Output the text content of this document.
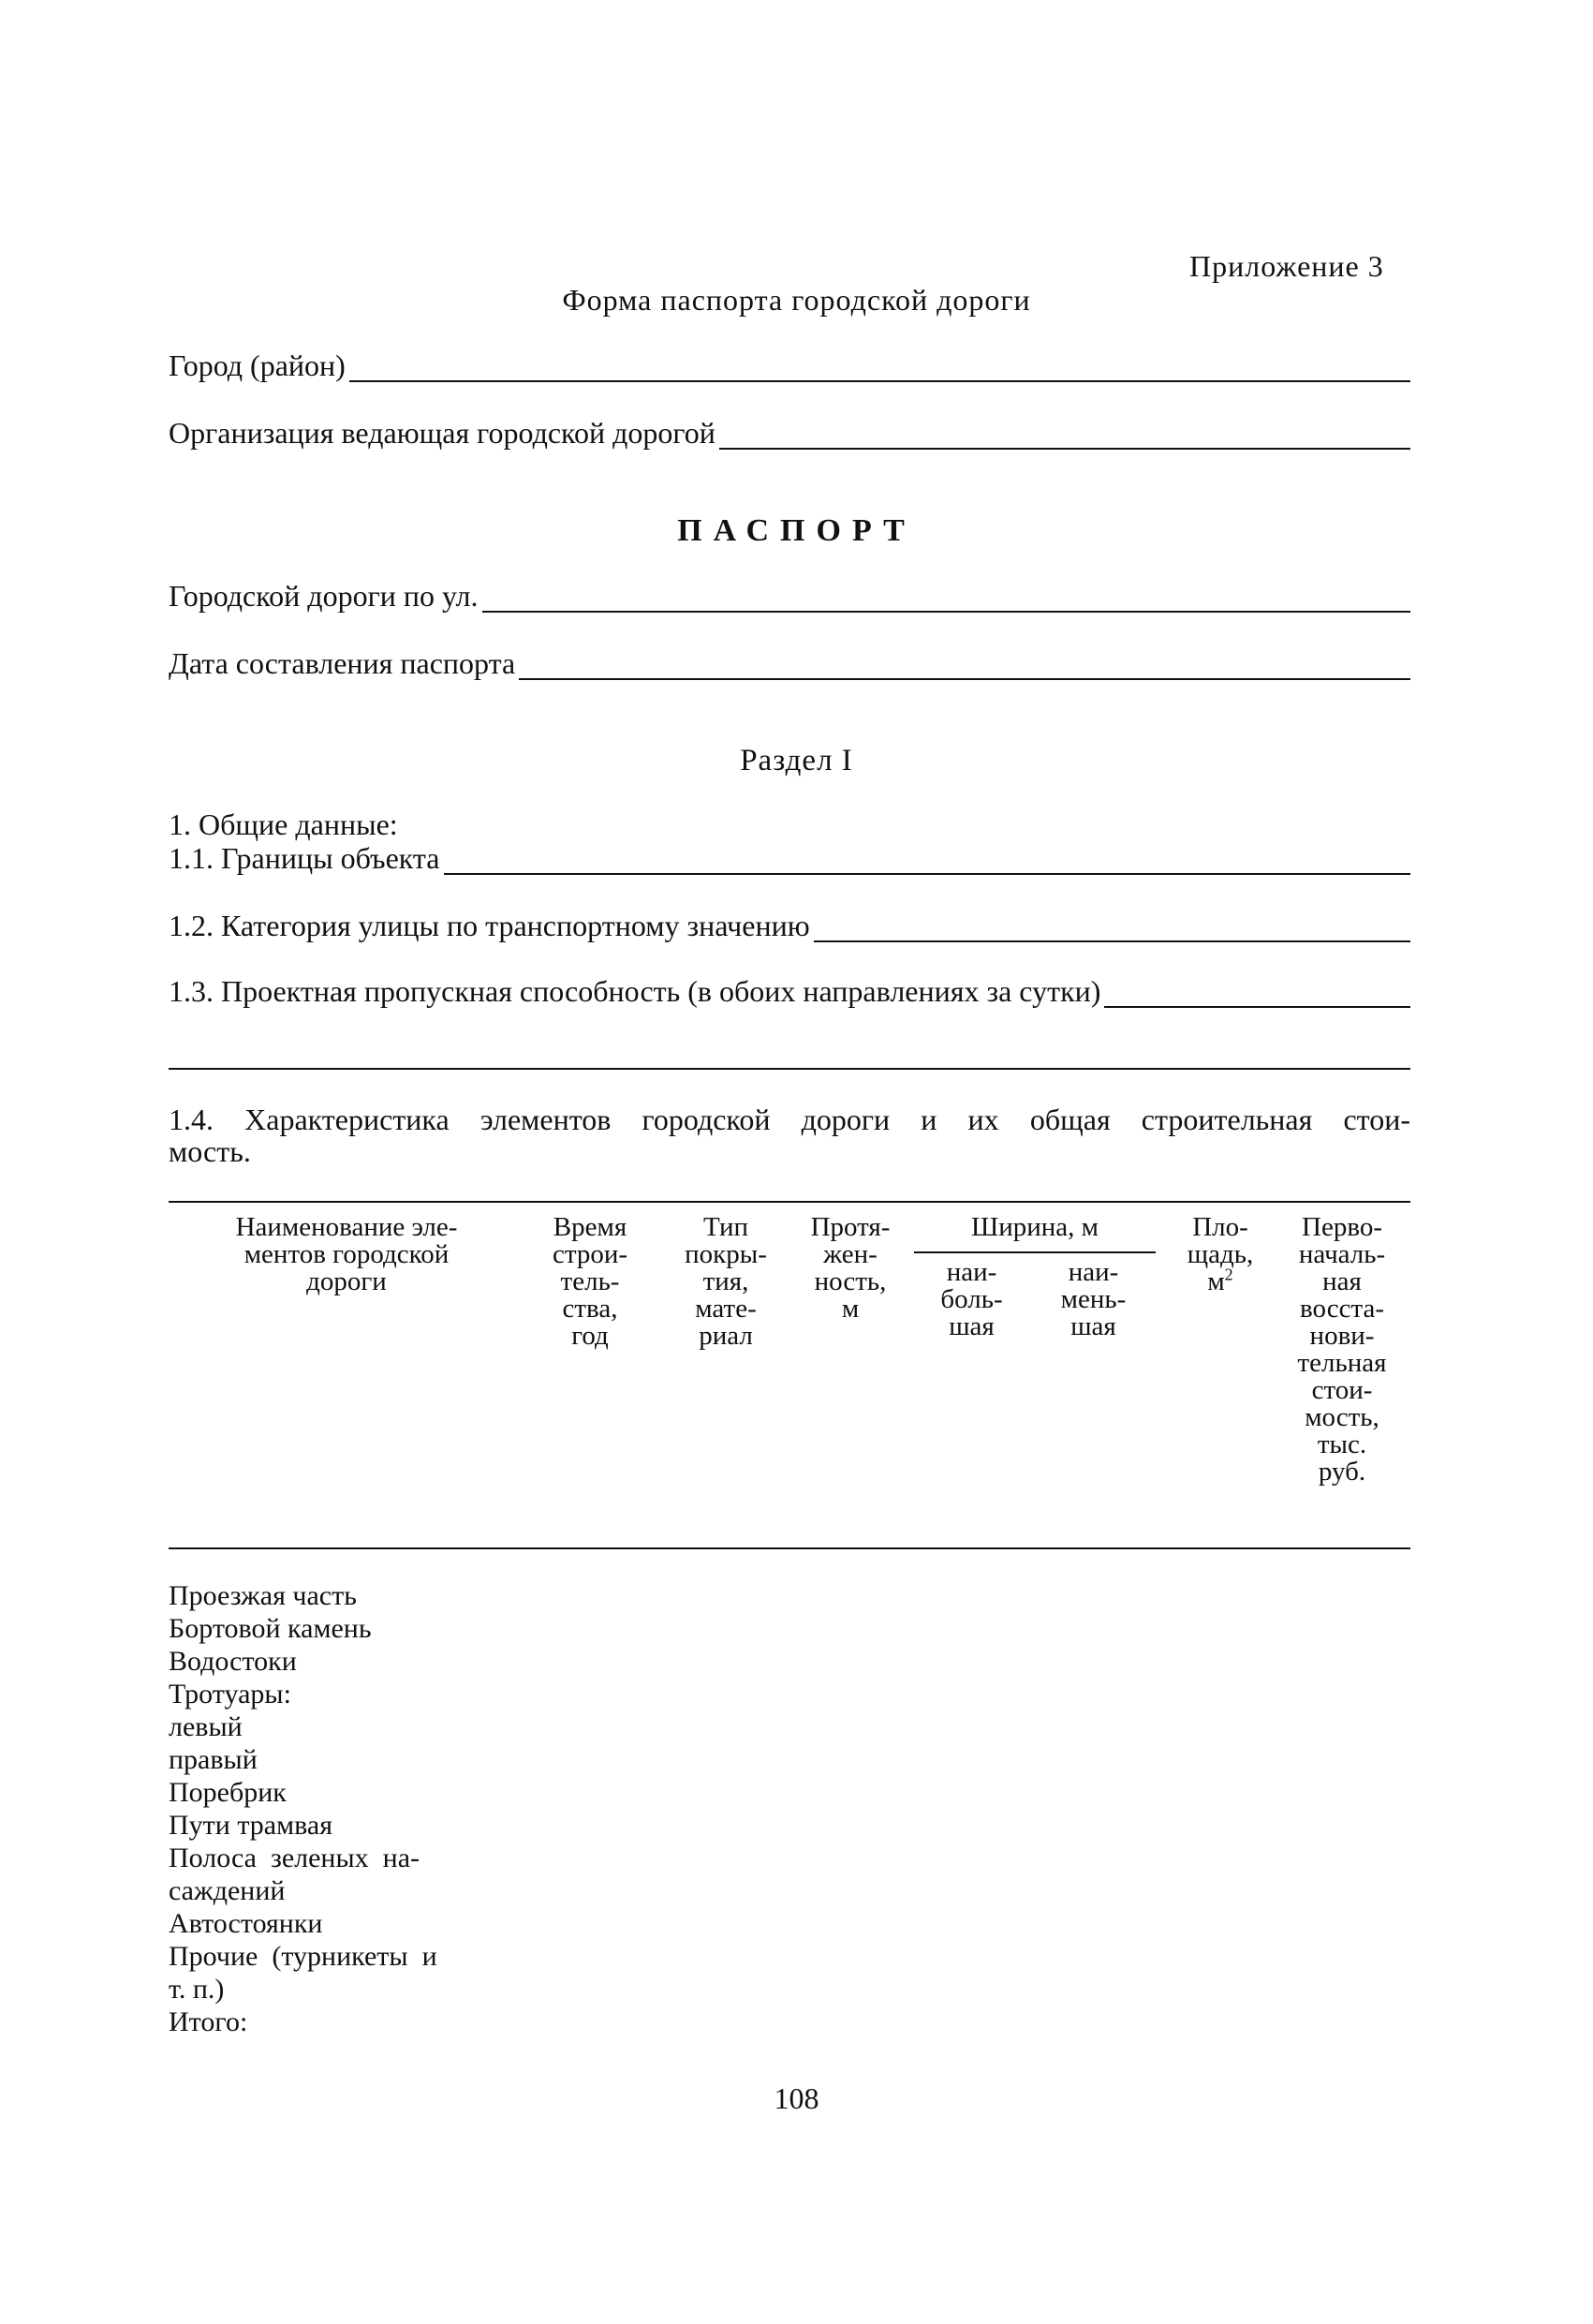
Приложение 3
Форма паспорта городской дороги
Город (район)
Организация ведающая городской дорогой
ПАСПОРТ
Городской дороги по ул.
Дата составления паспорта
Раздел I
1. Общие данные:
1.1. Границы объекта
1.2. Категория улицы по транспортному значению
1.3. Проектная пропускная способность (в обоих направлениях за сутки)
1.4. Характеристика элементов городской дороги и их общая строительная стои-
мость.
Наименование эле-
ментов городской
дороги
Время
строи-
тель-
ства,
год
Тип
покры-
тия,
мате-
риал
Протя-
жен-
ность,
м
Ширина, м
наи-
боль-
шая
наи-
мень-
шая
Пло-
щадь,
$м^2$
Перво-
началь-
ная
восста-
нови-
тельная
стои-
мость,
тыс.
руб.
Проезжая часть
Бортовой камень
Водостоки
Тротуары:
левый
правый
Поребрик
Пути трамвая
Полоса  зеленых  на-
саждений
Автостоянки
Прочие  (турникеты  и
т. п.)
Итого:
108
